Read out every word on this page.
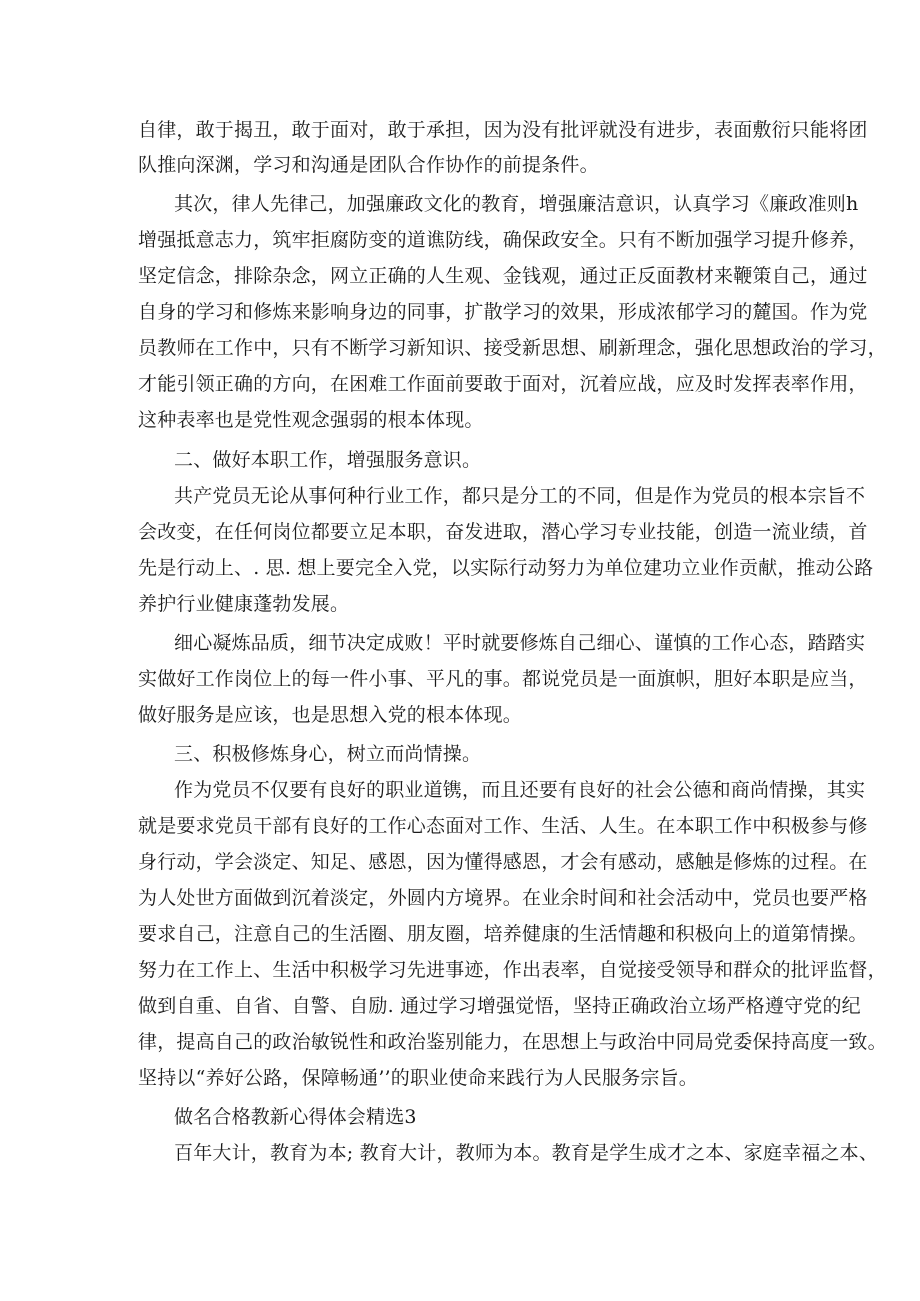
自律，敢于揭丑，敢于面对，敢于承担，因为没有批评就没有进步，表面敷衍只能将团
队推向深渊，学习和沟通是团队合作协作的前提条件。
其次，律人先律己，加强廉政文化的教育，增强廉洁意识，认真学习《廉政准则h
增强抵意志力，筑牢拒腐防变的道谯防线，确保政安全。只有不断加强学习提升修养，
坚定信念，排除杂念，网立正确的人生观、金钱观，通过正反面教材来鞭策自己，通过
自身的学习和修炼来影响身边的同事，扩散学习的效果，形成浓郁学习的麓国。作为党
员教师在工作中，只有不断学习新知识、接受新思想、刷新理念，强化思想政治的学习，
才能引领正确的方向，在困难工作面前要敢于面对，沉着应战，应及时发挥表率作用，
这种表率也是党性观念强弱的根本体现。
二、做好本职工作，增强服务意识。
共产党员无论从事何种行业工作，都只是分工的不同，但是作为党员的根本宗旨不
会改变，在任何岗位都要立足本职，奋发进取，潜心学习专业技能，创造一流业绩，首
先是行动上、. 思. 想上要完全入党，以实际行动努力为单位建功立业作贡献，推动公路
养护行业健康蓬勃发展。
细心凝炼品质，细节决定成败！平时就要修炼自己细心、谨慎的工作心态，踏踏实
实做好工作岗位上的每一件小事、平凡的事。都说党员是一面旗帜，胆好本职是应当，
做好服务是应该，也是思想入党的根本体现。
三、积极修炼身心，树立而尚情操。
作为党员不仅要有良好的职业道镌，而且还要有良好的社会公德和商尚情操，其实
就是要求党员干部有良好的工作心态面对工作、生活、人生。在本职工作中积极参与修
身行动，学会淡定、知足、感恩，因为懂得感恩，才会有感动，感触是修炼的过程。在
为人处世方面做到沉着淡定，外圆内方境界。在业余时间和社会活动中，党员也要严格
要求自己，注意自己的生活圈、朋友圈，培养健康的生活情趣和积极向上的道第情操。
努力在工作上、生活中积极学习先进事迹，作出表率，自觉接受领导和群众的批评监督，
做到自重、自省、自警、自励. 通过学习增强觉悟，坚持正确政治立场严格遵守党的纪
律，提高自己的政治敏锐性和政治鉴别能力，在思想上与政治中同局党委保持高度一致。
坚持以“养好公路，保障畅通’’的职业使命来践行为人民服务宗旨。
做名合格教新心得体会精选3
百年大计，教育为本; 教育大计，教师为本。教育是学生成才之本、家庭幸福之本、
